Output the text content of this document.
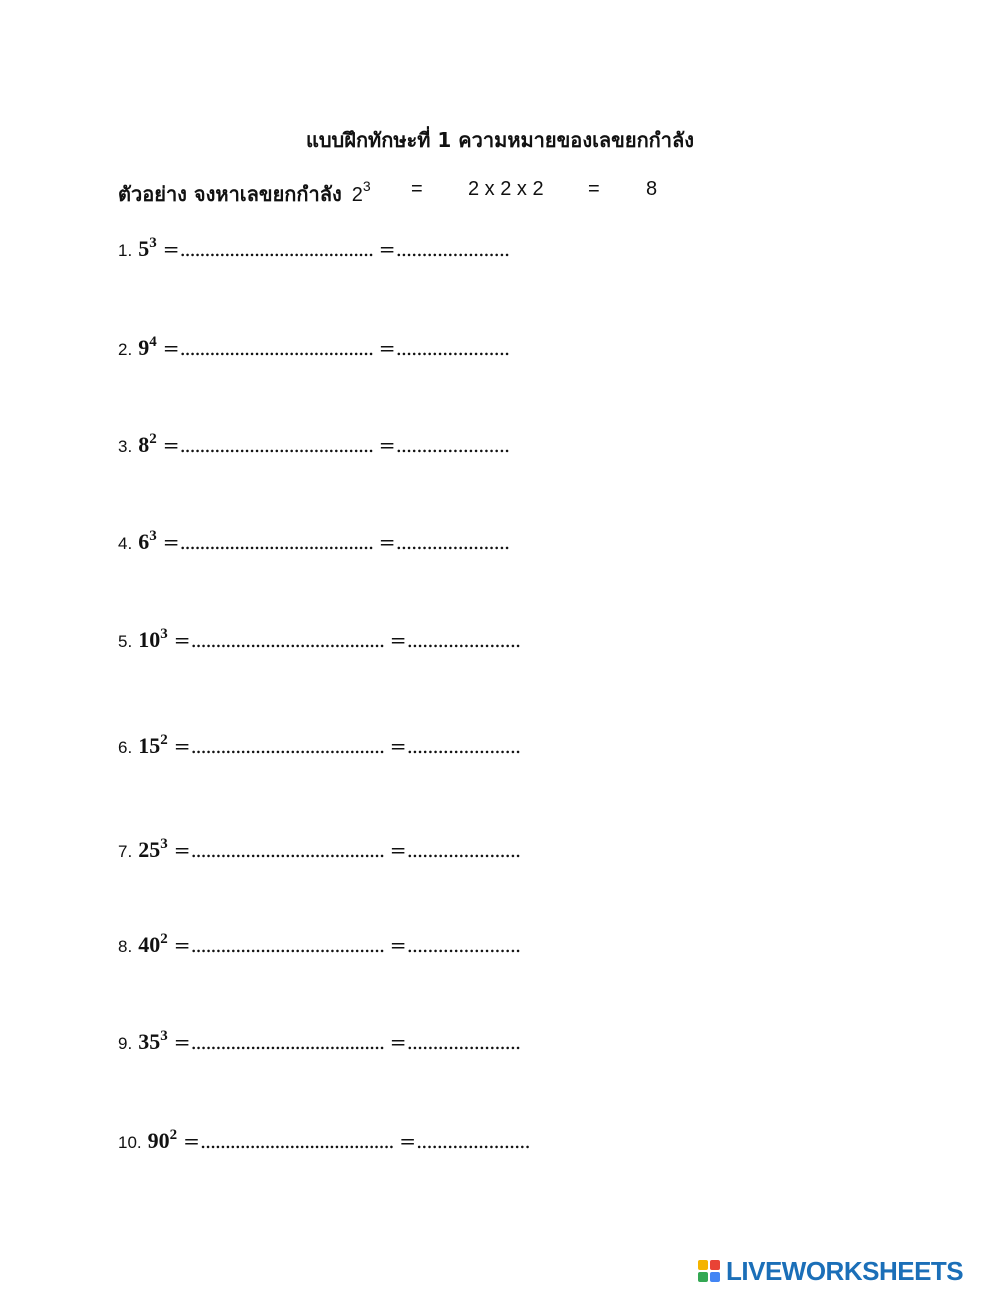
แบบฝึกทักษะที่ 1 ความหมายของเลขยกกำลัง
ตัวอย่าง จงหาเลขยกกำลัง $2^3 = 2$ x 2 x 2 = 8
1. 53 =....................................... =......................
2. 94 =....................................... =......................
3. 82 =....................................... =......................
4. 63 =....................................... =......................
5. 103 =....................................... =......................
6. 152 =....................................... =......................
7. 253 =....................................... =......................
8. 402 =....................................... =......................
9. 353 =....................................... =......................
10. 902 =....................................... =......................
LIVEWORKSHEETS
